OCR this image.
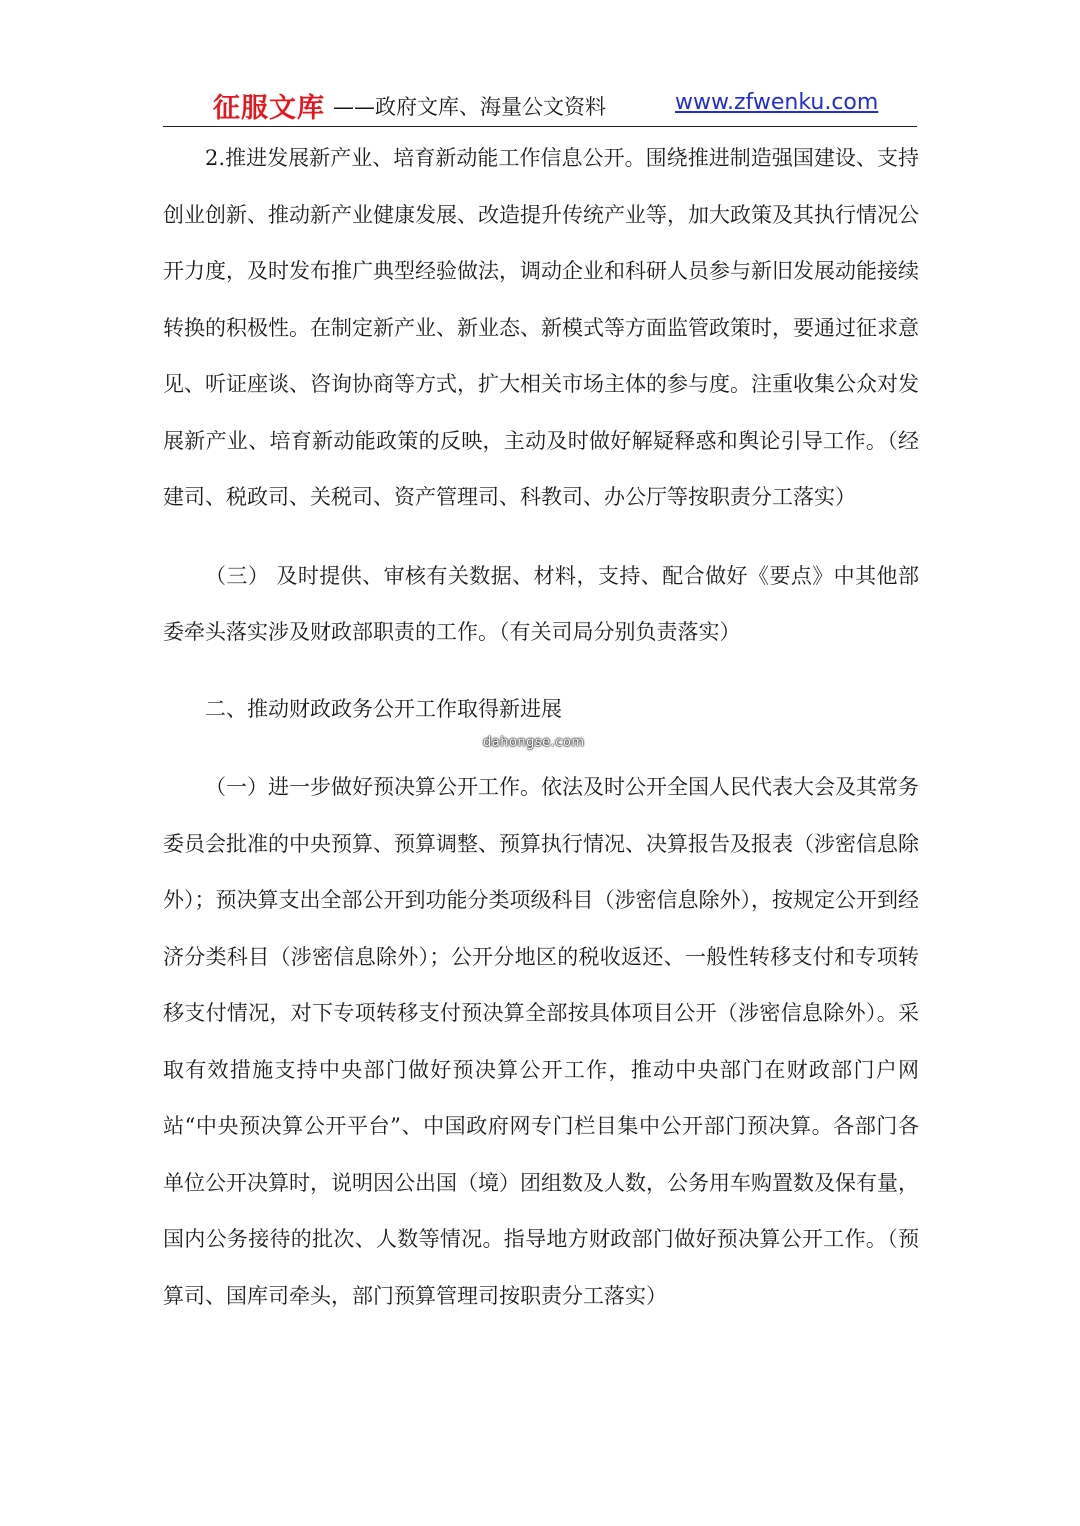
征服文库 ——政府文库、海量公文资料	www.zfwenku.com

2.推进发展新产业、培育新动能工作信息公开。围绕推进制造强国建设、支持创业创新、推动新产业健康发展、改造提升传统产业等，加大政策及其执行情况公开力度，及时发布推广典型经验做法，调动企业和科研人员参与新旧发展动能接续转换的积极性。在制定新产业、新业态、新模式等方面监管政策时，要通过征求意见、听证座谈、咨询协商等方式，扩大相关市场主体的参与度。注重收集公众对发展新产业、培育新动能政策的反映，主动及时做好解疑释惑和舆论引导工作。（经建司、税政司、关税司、资产管理司、科教司、办公厅等按职责分工落实）

（三） 及时提供、审核有关数据、材料，支持、配合做好《要点》中其他部委牵头落实涉及财政部职责的工作。（有关司局分别负责落实）

二、推动财政政务公开工作取得新进展

（一）进一步做好预决算公开工作。依法及时公开全国人民代表大会及其常务委员会批准的中央预算、预算调整、预算执行情况、决算报告及报表（涉密信息除外）；预决算支出全部公开到功能分类项级科目（涉密信息除外），按规定公开到经济分类科目（涉密信息除外）；公开分地区的税收返还、一般性转移支付和专项转移支付情况，对下专项转移支付预决算全部按具体项目公开（涉密信息除外）。采取有效措施支持中央部门做好预决算公开工作，推动中央部门在财政部门户网站“中央预决算公开平台”、中国政府网专门栏目集中公开部门预决算。各部门各单位公开决算时，说明因公出国（境）团组数及人数，公务用车购置数及保有量，国内公务接待的批次、人数等情况。指导地方财政部门做好预决算公开工作。（预算司、国库司牵头，部门预算管理司按职责分工落实）

dahongse.com
